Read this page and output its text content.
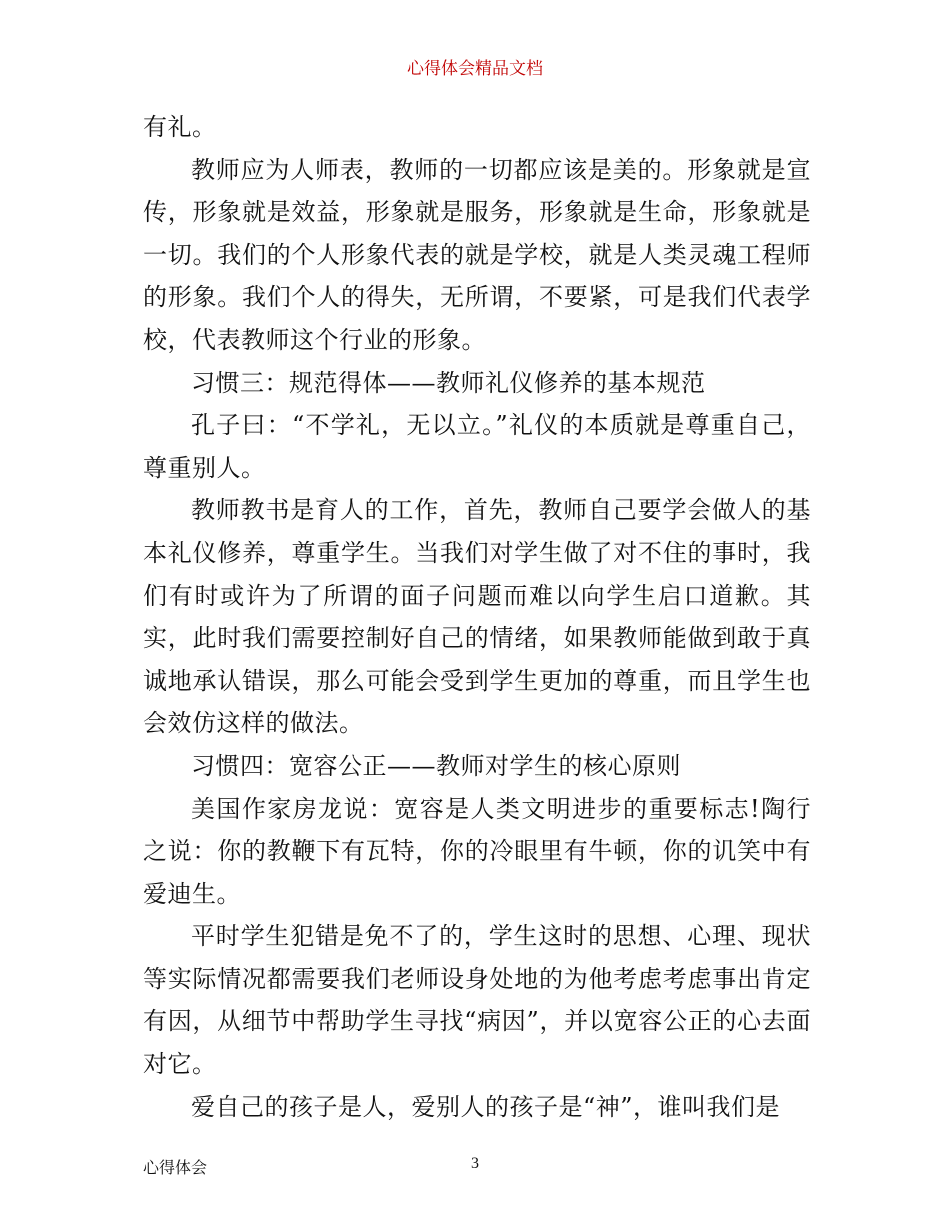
心得体会精品文档

有礼。

教师应为人师表，教师的一切都应该是美的。形象就是宣传，形象就是效益，形象就是服务，形象就是生命，形象就是一切。我们的个人形象代表的就是学校，就是人类灵魂工程师的形象。我们个人的得失，无所谓，不要紧，可是我们代表学校，代表教师这个行业的形象。

习惯三：规范得体——教师礼仪修养的基本规范

孔子曰：“不学礼，无以立。”礼仪的本质就是尊重自己，尊重别人。

教师教书是育人的工作，首先，教师自己要学会做人的基本礼仪修养，尊重学生。当我们对学生做了对不住的事时，我们有时或许为了所谓的面子问题而难以向学生启口道歉。其实，此时我们需要控制好自己的情绪，如果教师能做到敢于真诚地承认错误，那么可能会受到学生更加的尊重，而且学生也会效仿这样的做法。

习惯四：宽容公正——教师对学生的核心原则

美国作家房龙说：宽容是人类文明进步的重要标志!陶行之说：你的教鞭下有瓦特，你的冷眼里有牛顿，你的讥笑中有爱迪生。

平时学生犯错是免不了的，学生这时的思想、心理、现状等实际情况都需要我们老师设身处地的为他考虑考虑事出肯定有因，从细节中帮助学生寻找“病因”，并以宽容公正的心去面对它。

爱自己的孩子是人，爱别人的孩子是“神”，谁叫我们是

心得体会	3
